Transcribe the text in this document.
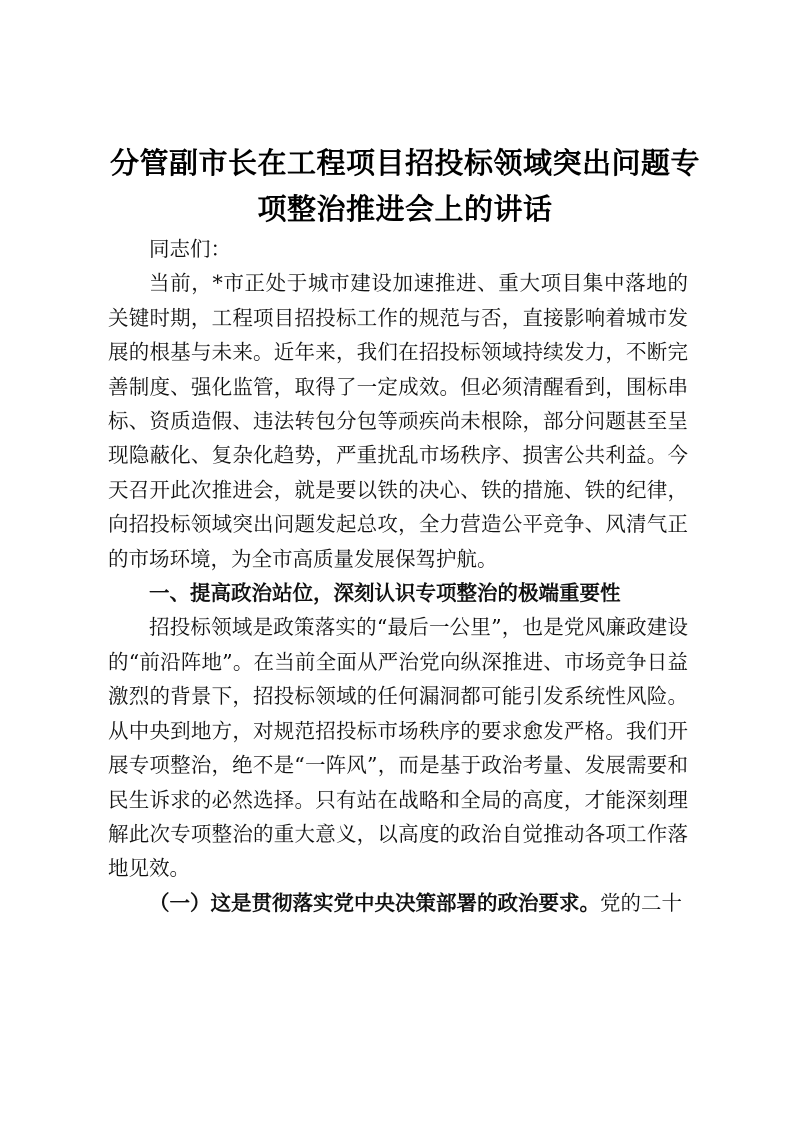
分管副市长在工程项目招投标领域突出问题专
项整治推进会上的讲话

同志们：

当前，*市正处于城市建设加速推进、重大项目集中落地的关键时期，工程项目招投标工作的规范与否，直接影响着城市发展的根基与未来。近年来，我们在招投标领域持续发力，不断完善制度、强化监管，取得了一定成效。但必须清醒看到，围标串标、资质造假、违法转包分包等顽疾尚未根除，部分问题甚至呈现隐蔽化、复杂化趋势，严重扰乱市场秩序、损害公共利益。今天召开此次推进会，就是要以铁的决心、铁的措施、铁的纪律，向招投标领域突出问题发起总攻，全力营造公平竞争、风清气正的市场环境，为全市高质量发展保驾护航。

一、提高政治站位，深刻认识专项整治的极端重要性

招投标领域是政策落实的“最后一公里”，也是党风廉政建设的“前沿阵地”。在当前全面从严治党向纵深推进、市场竞争日益激烈的背景下，招投标领域的任何漏洞都可能引发系统性风险。从中央到地方，对规范招投标市场秩序的要求愈发严格。我们开展专项整治，绝不是“一阵风”，而是基于政治考量、发展需要和民生诉求的必然选择。只有站在战略和全局的高度，才能深刻理解此次专项整治的重大意义，以高度的政治自觉推动各项工作落地见效。

（一）这是贯彻落实党中央决策部署的政治要求。党的二十
